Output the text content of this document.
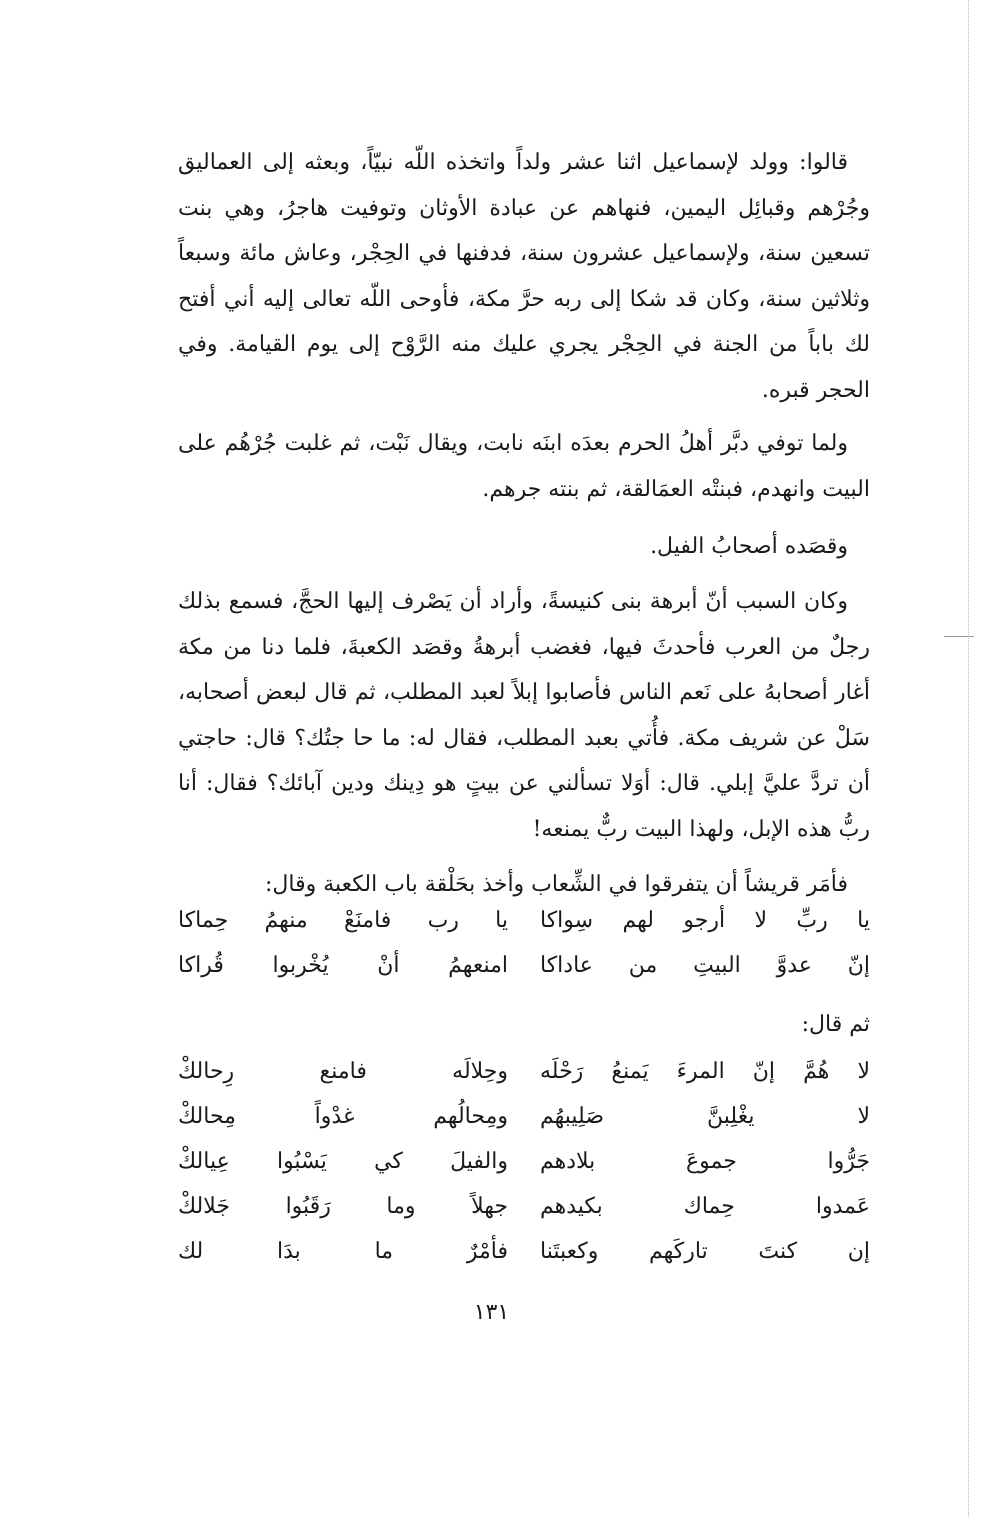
قالوا: وولد لإسماعيل اثنا عشر ولداً واتخذه اللّه نبيّاً، وبعثه إلى العماليق وجُرْهم وقبائِل اليمين، فنهاهم عن عبادة الأوثان وتوفيت هاجرُ، وهي بنت تسعين سنة، ولإسماعيل عشرون سنة، فدفنها في الحِجْر، وعاش مائة وسبعاً وثلاثين سنة، وكان قد شكا إلى ربه حرَّ مكة، فأوحى اللّه تعالى إليه أني أفتح لك باباً من الجنة في الحِجْر يجري عليك منه الرَّوْح إلى يوم القيامة. وفي الحجر قبره.

ولما توفي دبَّر أهلُ الحرم بعدَه ابنَه نابت، ويقال نَبْت، ثم غلبت جُرْهُم على البيت وانهدم، فبنتْه العمَالقة، ثم بنته جرهم.

وقصَده أصحابُ الفيل.

وكان السبب أنّ أبرهة بنى كنيسةً، وأراد أن يَصْرف إليها الحجَّ، فسمع بذلك رجلٌ من العرب فأحدثَ فيها، فغضب أبرهةُ وقصَد الكعبةَ، فلما دنا من مكة أغار أصحابهُ على نَعم الناس فأصابوا إبلاً لعبد المطلب، ثم قال لبعض أصحابه، سَلْ عن شريف مكة. فأُتي بعبد المطلب، فقال له: ما حا جتُك؟ قال: حاجتي أن تردَّ عليَّ إبلي. قال: أوَلا تسألني عن بيتٍ هو دِينك ودين آبائك؟ فقال: أنا ربُّ هذه الإبل، ولهذا البيت ربٌّ يمنعه!

فأمَر قريشاً أن يتفرقوا في الشِّعاب وأخذ بحَلْقة باب الكعبة وقال:

يا ربِّ لا أرجو لهم سِواكا
يا رب فامنَعْ منهمُ حِماكا
إنّ عدوَّ البيتِ من عاداكا
امنعهمُ أنْ يُخْربوا قُراكا
ثم قال:
لا هُمَّ إنّ المرءَ يَمنعُ رَحْلَه
وحِلالَه فامنع رِحالكْ
لا يغْلِبنَّ صَلِيبهُم
ومِحالُهم غدْواً مِحالكْ
جَرُّوا جموعَ بلادهم
والفيلَ كي يَسْبُوا عِيالكْ
عَمدوا حِماك بكيدهم
جهلاً وما رَقَبُوا جَلالكْ
إن كنتَ تاركَهم وكعبتَنا
فأمْرٌ ما بدَا لك
١٣١
